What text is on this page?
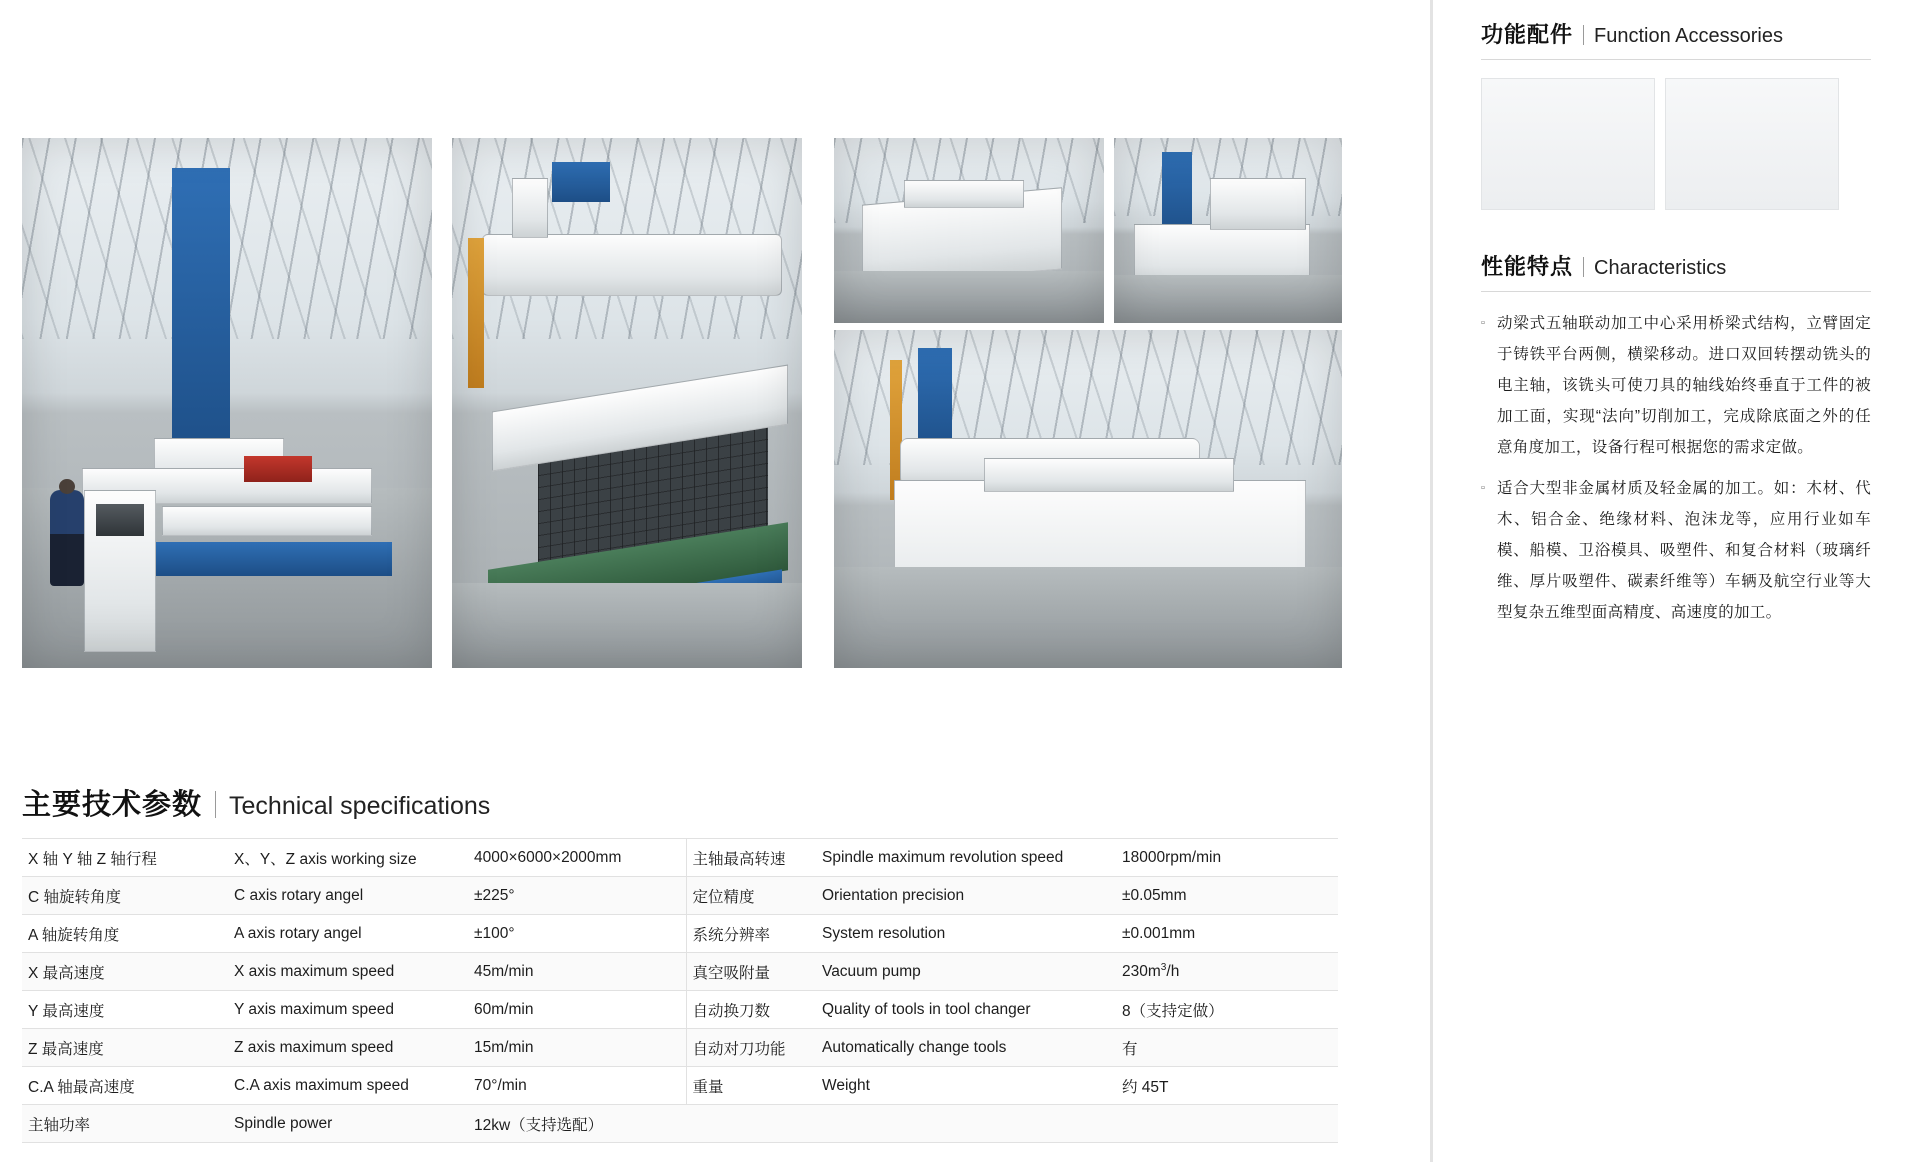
主要技术参数 Technical specifications
X 轴 Y 轴 Z 轴行程	X、Y、Z axis working size	4000×6000×2000mm	主轴最高转速	Spindle maximum revolution speed	18000rpm/min
C 轴旋转角度	C axis rotary angel	±225°	定位精度	Orientation precision	±0.05mm
A 轴旋转角度	A axis rotary angel	±100°	系统分辨率	System resolution	±0.001mm
X 最高速度	X axis maximum speed	45m/min	真空吸附量	Vacuum pump	$230m^3/h$
Y 最高速度	Y axis maximum speed	60m/min	自动换刀数	Quality of tools in tool changer	8（支持定做）
Z 最高速度	Z axis maximum speed	15m/min	自动对刀功能	Automatically change tools	有
C.A 轴最高速度	C.A axis maximum speed	70°/min	重量	Weight	约 45T
主轴功率	Spindle power	12kw（支持选配）			
功能配件 Function Accessories
性能特点 Characteristics
▫ 动梁式五轴联动加工中心采用桥梁式结构，立臂固定于铸铁平台两侧，横梁移动。进口双回转摆动铣头的电主轴，该铣头可使刀具的轴线始终垂直于工件的被加工面，实现“法向”切削加工，完成除底面之外的任意角度加工，设备行程可根据您的需求定做。

▫ 适合大型非金属材质及轻金属的加工。如：木材、代木、铝合金、绝缘材料、泡沫龙等，应用行业如车模、船模、卫浴模具、吸塑件、和复合材料（玻璃纤维、厚片吸塑件、碳素纤维等）车辆及航空行业等大型复杂五维型面高精度、高速度的加工。
